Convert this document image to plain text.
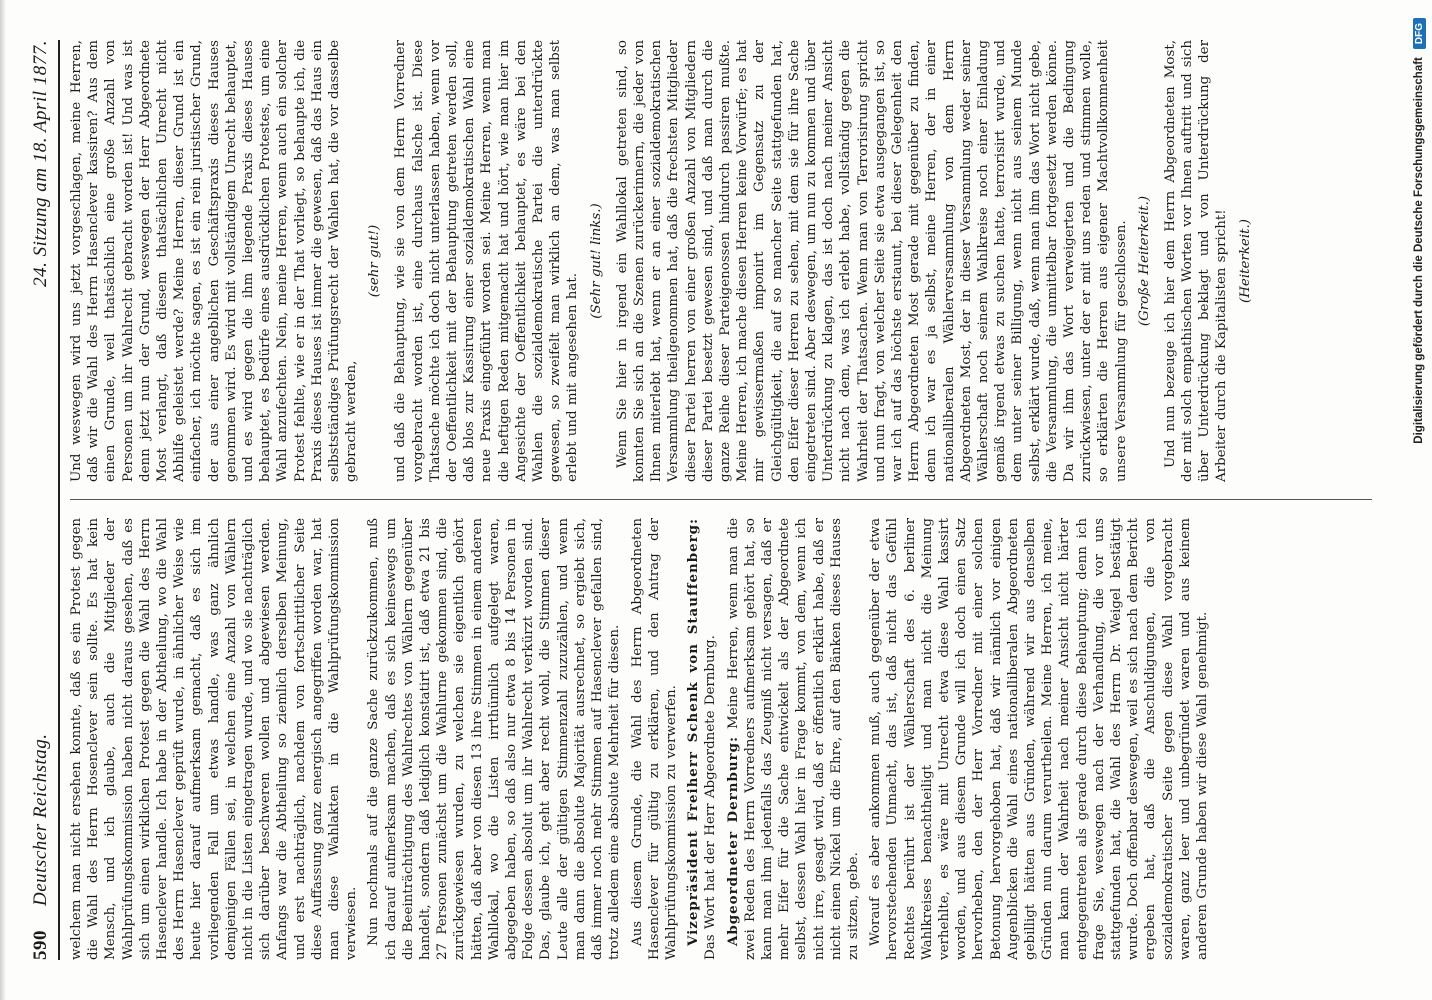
590
Deutscher Reichstag.
24. Sitzung am 18. April 1877.

welchem man nicht ersehen konnte, daß es ein Protest gegen die Wahl des Herrn Hosenclever sein sollte. Es hat kein Mensch, und ich glaube, auch die Mitglieder der Wahlprüfungskommission haben nicht daraus gesehen, daß es sich um einen wirklichen Protest gegen die Wahl des Herrn Hasenclever handle. Ich habe in der Abtheilung, wo die Wahl des Herrn Hasenclever geprüft wurde, in ähnlicher Weise wie heute hier darauf aufmerksam gemacht, daß es sich im vorliegenden Fall um etwas handle, was ganz ähnlich demjenigen Fällen sei, in welchen eine Anzahl von Wählern nicht in die Listen eingetragen wurde, und wo sie nachträglich sich darüber beschweren wollen und abgewiesen werden. Anfangs war die Abtheilung so ziemlich derselben Meinung, und erst nachträglich, nachdem von fortschrittlicher Seite diese Auffassung ganz energisch angegriffen worden war, hat man diese Wahlakten in die Wahlprüfungskommission verwiesen. Nun nochmals auf die ganze Sache zurückzukommen, muß ich darauf aufmerksam machen, daß es sich keineswegs um die Beeinträchtigung des Wahlrechtes von Wählern gegenüber handelt, sondern daß lediglich konstatirt ist, daß etwa 21 bis 27 Personen zunächst um die Wahlurne gekommen sind, die zurückgewiesen wurden, zu welchen sie eigentlich gehört hätten, daß aber von diesen 13 ihre Stimmen in einem anderen Wahllokal, wo die Listen irrthümlich aufgelegt waren, abgegeben haben, so daß also nur etwa 8 bis 14 Personen in Folge dessen absolut um ihr Wahlrecht verkürzt worden sind. Das, glaube ich, geht aber recht wohl, die Stimmen dieser Leute alle der gültigen Stimmenzahl zuzuzählen, und wenn man dann die absolute Majorität ausrechnet, so ergiebt sich, daß immer noch mehr Stimmen auf Hasenclever gefallen sind, trotz alledem eine absolute Mehrheit für diesen. Aus diesem Grunde, die Wahl des Herrn Abgeordneten Hasenclever für gültig zu erklären, und den Antrag der Wahlprüfungskommission zu verwerfen. Vizepräsident Freiherr Schenk von Stauffenberg: Das Wort hat der Herr Abgeordnete Dernburg. Abgeordneter Dernburg: Meine Herren, wenn man die zwei Reden des Herrn Vorredners aufmerksam gehört hat, so kann man ihm jedenfalls das Zeugniß nicht versagen, daß er mehr Eifer für die Sache entwickelt als der Abgeordnete selbst, dessen Wahl hier in Frage kommt, von dem, wenn ich nicht irre, gesagt wird, daß er öffentlich erklärt habe, daß er nicht einen Nickel um die Ehre, auf den Bänken dieses Hauses zu sitzen, gebe. Worauf es aber ankommen muß, auch gegenüber der etwa hervorstechenden Unmacht, das ist, daß nicht das Gefühl Rechtes berührt ist der Wählerschaft des 6. berliner Wahlkreises benachtheiligt und man nicht die Meinung verhehlte, es wäre mit Unrecht etwa diese Wahl kassirt worden, und aus diesem Grunde will ich doch einen Satz hervorheben, den der Herr Vorredner mit einer solchen Betonung hervorgehoben hat, daß wir nämlich vor einigen Augenblicken die Wahl eines nationalliberalen Abgeordneten gebilligt hätten aus Gründen, während wir aus denselben Gründen nun darum verurtheilen. Meine Herren, ich meine, man kann der Wahrheit nach meiner Ansicht nicht härter entgegentreten als gerade durch diese Behauptung; denn ich frage Sie, weswegen nach der Verhandlung, die vor uns stattgefunden hat, die Wahl des Herrn Dr. Weigel bestätigt wurde. Doch offenbar deswegen, weil es sich nach dem Bericht ergeben hat, daß die Anschuldigungen, die von sozialdemokratischer Seite gegen diese Wahl vorgebracht waren, ganz leer und unbegründet waren und aus keinem anderen Grunde haben wir diese Wahl genehmigt.

Und weswegen wird uns jetzt vorgeschlagen, meine Herren, daß wir die Wahl des Herrn Hasenclever kassiren? Aus dem einen Grunde, weil thatsächlich eine große Anzahl von Personen um ihr Wahlrecht gebracht worden ist! Und was ist denn jetzt nun der Grund, weswegen der Herr Abgeordnete Most verlangt, daß diesem thatsächlichen Unrecht nicht Abhilfe geleistet werde? Meine Herren, dieser Grund ist ein einfacher, ich möchte sagen, es ist ein rein juristischer Grund, der aus einer angeblichen Geschäftspraxis dieses Hauses genommen wird. Es wird mit vollständigem Unrecht behauptet, und es wird gegen die ihm liegende Praxis dieses Hauses behauptet, es bedürfe eines ausdrücklichen Protestes, um eine Wahl anzufechten. Nein, meine Herren, wenn auch ein solcher Protest fehlte, wie er in der That vorliegt, so behaupte ich, die Praxis dieses Hauses ist immer die gewesen, daß das Haus ein selbstständiges Prüfungsrecht der Wahlen hat, die vor dasselbe gebracht werden,

(sehr gut!) und daß die Behauptung, wie sie von dem Herrn Vorredner vorgebracht worden ist, eine durchaus falsche ist. Diese Thatsache möchte ich doch nicht unterlassen haben, wenn vor der Oeffentlichkeit mit der Behauptung getreten werden soll, daß blos zur Kassirung einer sozialdemokratischen Wahl eine neue Praxis eingeführt worden sei. Meine Herren, wenn man die heftigen Reden mitgemacht hat und hört, wie man hier im Angesichte der Oeffentlichkeit behauptet, es wäre bei den Wahlen die sozialdemokratische Partei die unterdrückte gewesen, so zweifelt man wirklich an dem, was man selbst erlebt und mit angesehen hat.

(Sehr gut! links.) Wenn Sie hier in irgend ein Wahllokal getreten sind, so konnten Sie sich an die Szenen zurückerinnern, die jeder von Ihnen miterlebt hat, wenn er an einer sozialdemokratischen Versammlung theilgenommen hat, daß die frechsten Mitglieder dieser Partei herren von einer großen Anzahl von Mitgliedern dieser Partei besetzt gewesen sind, und daß man durch die ganze Reihe dieser Parteigenossen hindurch passiren mußte. Meine Herren, ich mache diesen Herren keine Vorwürfe; es hat mir gewissermaßen imponirt im Gegensatz zu der Gleichgültigkeit, die auf so mancher Seite stattgefunden hat, den Eifer dieser Herren zu sehen, mit dem sie für ihre Sache eingetreten sind. Aber deswegen, um nun zu kommen und über Unterdrückung zu klagen, das ist doch nach meiner Ansicht nicht nach dem, was ich erlebt habe, vollständig gegen die Wahrheit der Thatsachen. Wenn man von Terrorisirung spricht und nun fragt, von welcher Seite sie etwa ausgegangen ist, so war ich auf das höchste erstaunt, bei dieser Gelegenheit den Herrn Abgeordneten Most gerade mit gegenüber zu finden, denn ich war es ja selbst, meine Herren, der in einer nationalliberalen Wählerversammlung von dem Herrn Abgeordneten Most, der in dieser Versammlung weder seiner Wählerschaft noch seinem Wahlkreise noch einer Einladung gemäß irgend etwas zu suchen hatte, terrorisirt wurde, und dem unter seiner Billigung, wenn nicht aus seinem Munde selbst, erklärt wurde, daß, wenn man ihm das Wort nicht gebe, die Versammlung, die unmittelbar fortgesetzt werden könne. Da wir ihm das Wort verweigerten und die Bedingung zurückwiesen, unter der er mit uns reden und stimmen wolle, so erklärten die Herren aus eigener Machtvollkommenheit unsere Versammlung für geschlossen. (Große Heiterkeit.) Und nun bezeuge ich hier dem Herrn Abgeordneten Most, der mit solch empathischen Worten vor Ihnen auftritt und sich über Unterdrückung beklagt und von Unterdrückung der Arbeiter durch die Kapitalisten spricht! (Heiterkeit.)	Digitalisierung gefördert durch die Deutsche Forschungsgemeinschaft
DFG
